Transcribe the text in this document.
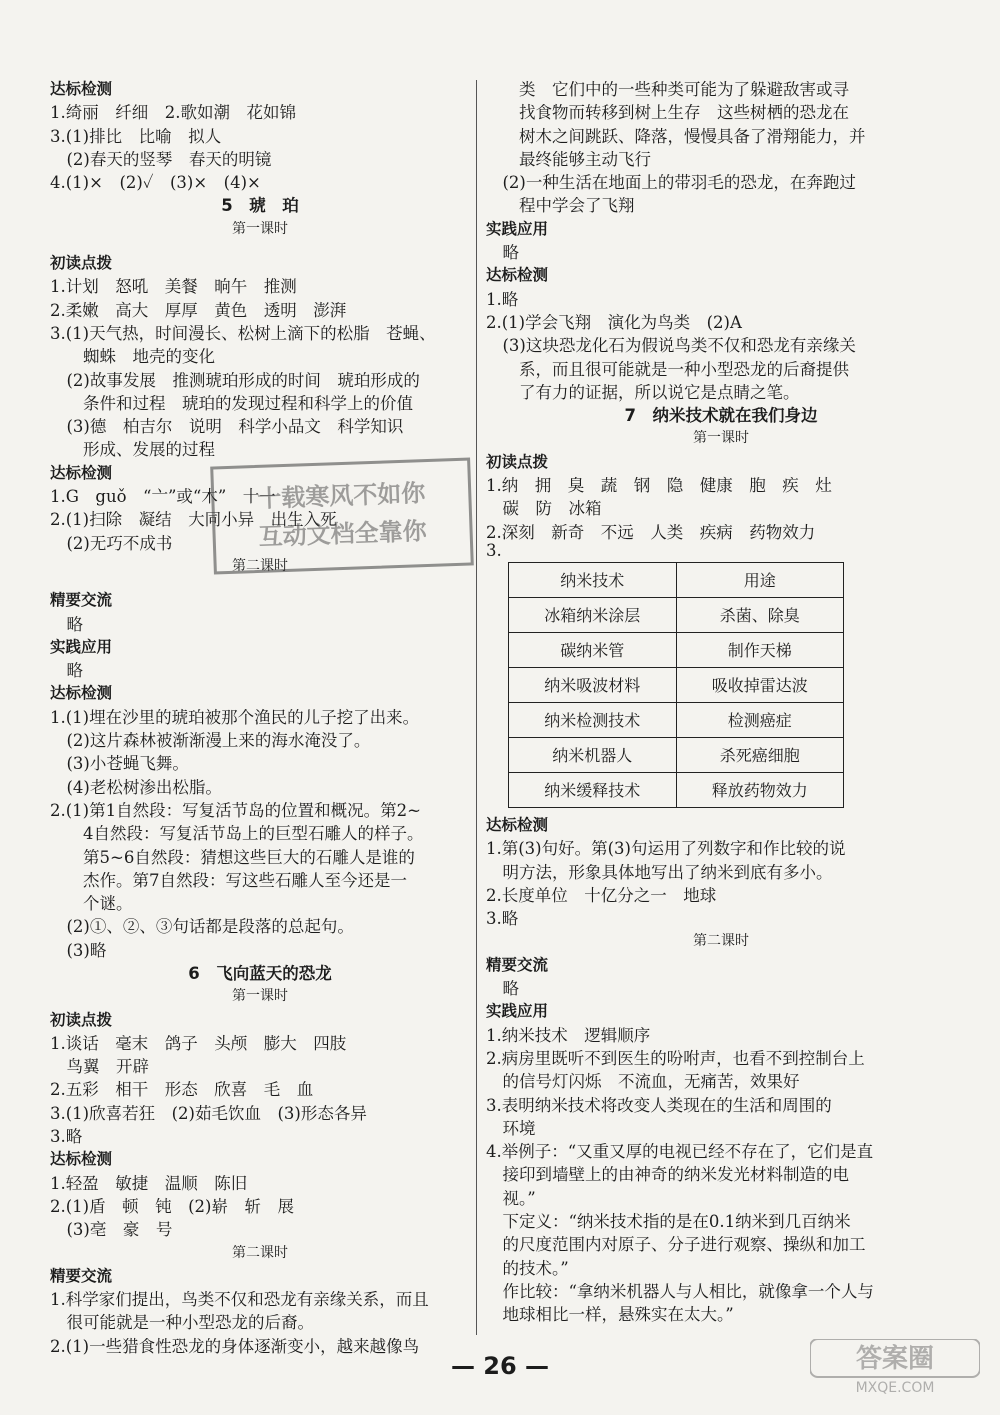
达标检测
1.绮丽　纤细　2.歌如潮　花如锦
3.(1)排比　比喻　拟人
　(2)春天的竖琴　春天的明镜
4.(1)×　(2)✓　(3)×　(4)×
5　琥　珀
第一课时
初读点拨
1.计划　怒吼　美餐　晌午　推测
2.柔嫩　高大　厚厚　黄色　透明　澎湃
3.(1)天气热，时间漫长、松树上滴下的松脂　苍蝇、
　　蜘蛛　地壳的变化
　(2)故事发展　推测琥珀形成的时间　琥珀形成的
　　条件和过程　琥珀的发现过程和科学上的价值
　(3)德　柏吉尔　说明　科学小品文　科学知识
　　形成、发展的过程
达标检测
1.G　guǒ　“亠”或“木”　十一
2.(1)扫除　凝结　大同小异　出生入死
　(2)无巧不成书
第二课时
精要交流
　略
实践应用
　略
达标检测
1.(1)埋在沙里的琥珀被那个渔民的儿子挖了出来。
　(2)这片森林被渐渐漫上来的海水淹没了。
　(3)小苍蝇飞舞。
　(4)老松树渗出松脂。
2.(1)第1自然段：写复活节岛的位置和概况。第2~
　　4自然段：写复活节岛上的巨型石雕人的样子。
　　第5~6自然段：猜想这些巨大的石雕人是谁的
　　杰作。第7自然段：写这些石雕人至今还是一
　　个谜。
　(2)①、②、③句话都是段落的总起句。
　(3)略
6　飞向蓝天的恐龙
第一课时
初读点拨
1.谈话　毫末　鸽子　头颅　膨大　四肢
　鸟翼　开辟
2.五彩　相干　形态　欣喜　毛　血
3.(1)欣喜若狂　(2)茹毛饮血　(3)形态各异
3.略
达标检测
1.轻盈　敏捷　温顺　陈旧
2.(1)盾　顿　钝　(2)崭　斩　展
　(3)亳　豪　号
第二课时
精要交流
1.科学家们提出，鸟类不仅和恐龙有亲缘关系，而且
　很可能就是一种小型恐龙的后裔。
2.(1)一些猎食性恐龙的身体逐渐变小，越来越像鸟
　　类　它们中的一些种类可能为了躲避敌害或寻
　　找食物而转移到树上生存　这些树栖的恐龙在
　　树木之间跳跃、降落，慢慢具备了滑翔能力，并
　　最终能够主动飞行
　(2)一种生活在地面上的带羽毛的恐龙，在奔跑过
　　程中学会了飞翔
实践应用
　略
达标检测
1.略
2.(1)学会飞翔　演化为鸟类　(2)A
　(3)这块恐龙化石为假说鸟类不仅和恐龙有亲缘关
　　系，而且很可能就是一种小型恐龙的后裔提供
　　了有力的证据，所以说它是点睛之笔。
7　纳米技术就在我们身边
第一课时
初读点拨
1.纳　拥　臭　蔬　钢　隐　健康　胞　疾　灶
　碳　防　冰箱
2.深刻　新奇　不远　人类　疾病　药物效力
3.
纳米技术	用途
冰箱纳米涂层	杀菌、除臭
碳纳米管	制作天梯
纳米吸波材料	吸收掉雷达波
纳米检测技术	检测癌症
纳米机器人	杀死癌细胞
纳米缓释技术	释放药物效力
达标检测
1.第(3)句好。第(3)句运用了列数字和作比较的说
　明方法，形象具体地写出了纳米到底有多小。
2.长度单位　十亿分之一　地球
3.略
第二课时
精要交流
　略
实践应用
1.纳米技术　逻辑顺序
2.病房里既听不到医生的吩咐声，也看不到控制台上
　的信号灯闪烁　不流血，无痛苦，效果好
3.表明纳米技术将改变人类现在的生活和周围的
　环境
4.举例子：“又重又厚的电视已经不存在了，它们是直
　接印到墙壁上的由神奇的纳米发光材料制造的电
　视。”
　下定义：“纳米技术指的是在0.1纳米到几百纳米
　的尺度范围内对原子、分子进行观察、操纵和加工
　的技术。”
　作比较：“拿纳米机器人与人相比，就像拿一个人与
　地球相比一样，悬殊实在太大。”
十载寒风不如你
互动文档全靠你
— 26 —	答案圈
MXQE.COM
